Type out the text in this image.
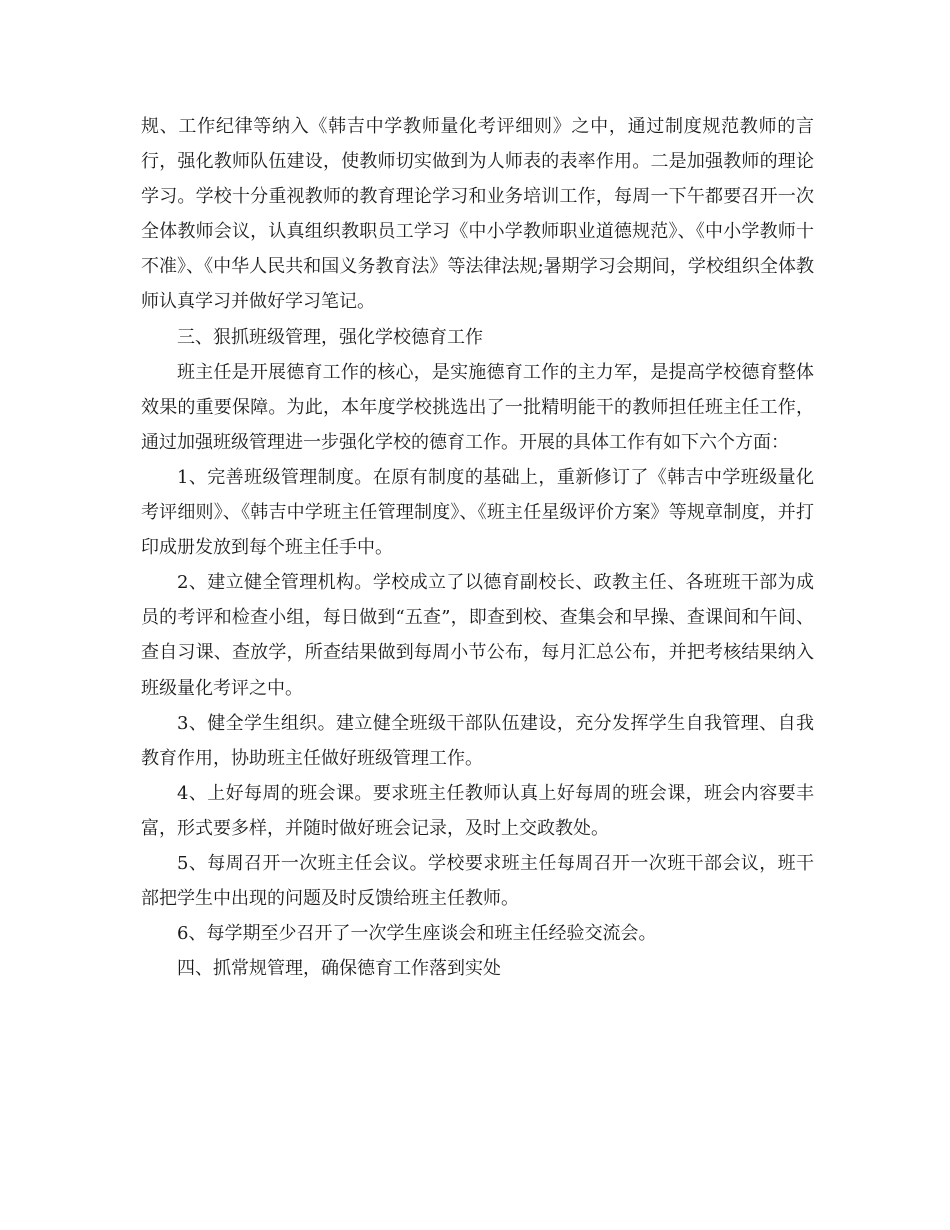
规、工作纪律等纳入《韩吉中学教师量化考评细则》之中，通过制度规范教师的言行，强化教师队伍建设，使教师切实做到为人师表的表率作用。二是加强教师的理论学习。学校十分重视教师的教育理论学习和业务培训工作，每周一下午都要召开一次全体教师会议，认真组织教职员工学习《中小学教师职业道德规范》、《中小学教师十不准》、《中华人民共和国义务教育法》等法律法规;暑期学习会期间，学校组织全体教师认真学习并做好学习笔记。

三、狠抓班级管理，强化学校德育工作

班主任是开展德育工作的核心，是实施德育工作的主力军，是提高学校德育整体效果的重要保障。为此，本年度学校挑选出了一批精明能干的教师担任班主任工作，通过加强班级管理进一步强化学校的德育工作。开展的具体工作有如下六个方面：

1、完善班级管理制度。在原有制度的基础上，重新修订了《韩吉中学班级量化考评细则》、《韩吉中学班主任管理制度》、《班主任星级评价方案》等规章制度，并打印成册发放到每个班主任手中。

2、建立健全管理机构。学校成立了以德育副校长、政教主任、各班班干部为成员的考评和检查小组，每日做到“五查”，即查到校、查集会和早操、查课间和午间、查自习课、查放学，所查结果做到每周小节公布，每月汇总公布，并把考核结果纳入班级量化考评之中。

3、健全学生组织。建立健全班级干部队伍建设，充分发挥学生自我管理、自我教育作用，协助班主任做好班级管理工作。

4、上好每周的班会课。要求班主任教师认真上好每周的班会课，班会内容要丰富，形式要多样，并随时做好班会记录，及时上交政教处。

5、每周召开一次班主任会议。学校要求班主任每周召开一次班干部会议，班干部把学生中出现的问题及时反馈给班主任教师。

6、每学期至少召开了一次学生座谈会和班主任经验交流会。

四、抓常规管理，确保德育工作落到实处
